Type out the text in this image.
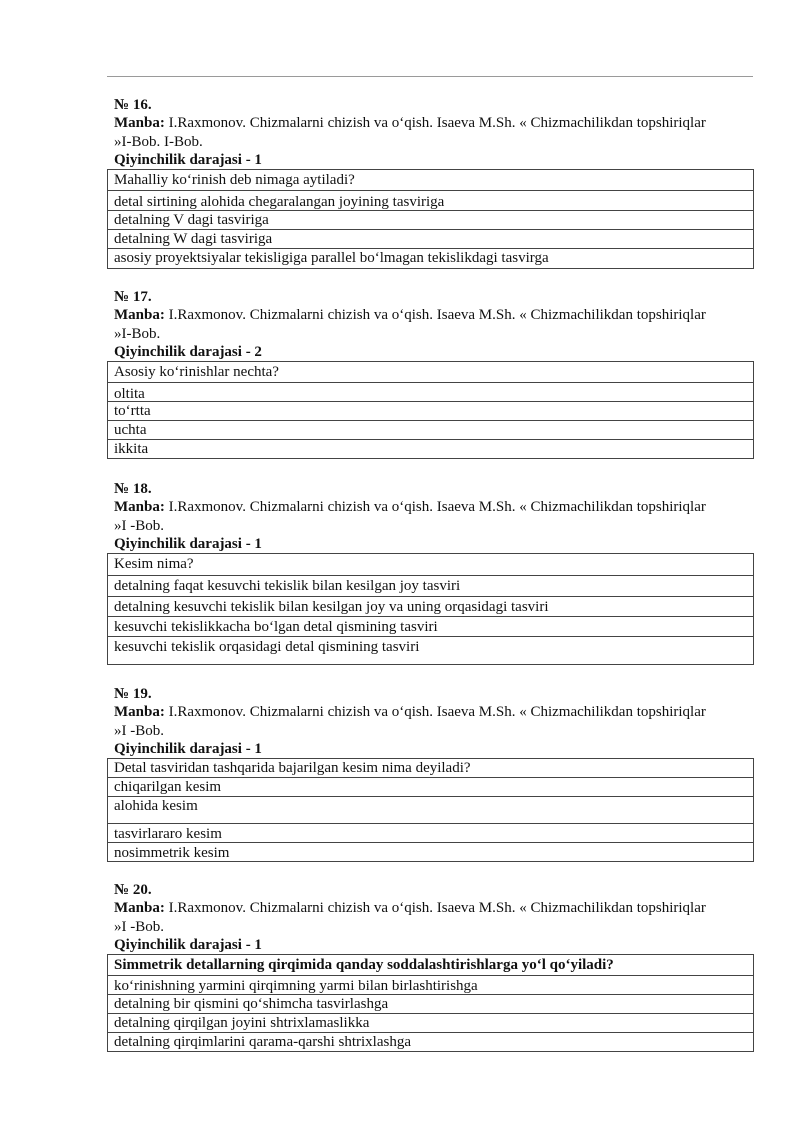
№ 16.
Manba: I.Raxmonov. Chizmalarni chizish va o‘qish. Isaeva M.Sh. « Chizmachilikdan topshiriqlar »I-Bob. I-Bob.
Qiyinchilik darajasi - 1
Mahalliy ko‘rinish deb nimaga aytiladi?
detal sirtining alohida chegaralangan joyining tasviriga
detalning V dagi tasviriga
detalning W dagi tasviriga
asosiy proyektsiyalar tekisligiga parallel bo‘lmagan tekislikdagi tasvirga
№ 17.
Manba: I.Raxmonov. Chizmalarni chizish va o‘qish. Isaeva M.Sh. « Chizmachilikdan topshiriqlar »I-Bob.
Qiyinchilik darajasi - 2
Asosiy ko‘rinishlar nechta?
oltita
to‘rtta
uchta
ikkita
№ 18.
Manba: I.Raxmonov. Chizmalarni chizish va o‘qish. Isaeva M.Sh. « Chizmachilikdan topshiriqlar »I -Bob.
Qiyinchilik darajasi - 1
Kesim nima?
detalning faqat kesuvchi tekislik bilan kesilgan joy tasviri
detalning kesuvchi tekislik bilan kesilgan joy va uning orqasidagi tasviri
kesuvchi tekislikkacha bo‘lgan detal qismining tasviri
kesuvchi tekislik orqasidagi detal qismining tasviri
№ 19.
Manba: I.Raxmonov. Chizmalarni chizish va o‘qish. Isaeva M.Sh. « Chizmachilikdan topshiriqlar »I -Bob.
Qiyinchilik darajasi - 1
Detal tasviridan tashqarida bajarilgan kesim nima deyiladi?
chiqarilgan kesim
alohida kesim
tasvirlararo kesim
nosimmetrik kesim
№ 20.
Manba: I.Raxmonov. Chizmalarni chizish va o‘qish. Isaeva M.Sh. « Chizmachilikdan topshiriqlar »I -Bob.
Qiyinchilik darajasi - 1
Simmetrik detallarning qirqimida qanday soddalashtirishlarga yo‘l qo‘yiladi?
ko‘rinishning yarmini qirqimning yarmi bilan birlashtirishga
detalning bir qismini qo‘shimcha tasvirlashga
detalning qirqilgan joyini shtrixlamaslikka
detalning qirqimlarini qarama-qarshi shtrixlashga
